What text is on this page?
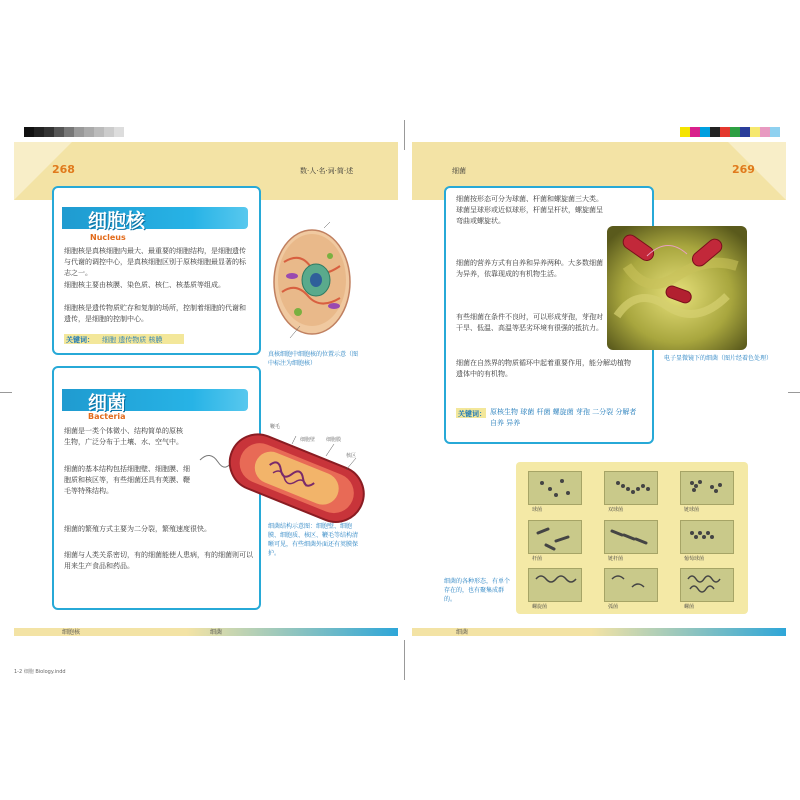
268	数·人·名·词·简·述	细菌	269
细胞核
Nucleus
细胞核是真核细胞内最大、最重要的细胞结构，是细胞遗传与代谢的调控中心，是真核细胞区别于原核细胞最显著的标志之一。
细胞核主要由核膜、染色质、核仁、核基质等组成。
细胞核是遗传物质贮存和复制的场所，控制着细胞的代谢和遗传，是细胞的控制中心。
关键词： 细胞 遗传物质 核膜
真核细胞中细胞核的位置示意（图中标注为细胞核）
细菌
Bacteria
细菌是一类个体微小、结构简单的原核生物，广泛分布于土壤、水、空气中。
细菌的基本结构包括细胞壁、细胞膜、细胞质和核区等，有些细菌还具有荚膜、鞭毛等特殊结构。
细菌的繁殖方式主要为二分裂，繁殖速度很快。
细菌与人类关系密切，有的细菌能使人患病，有的细菌则可以用来生产食品和药品。
鞭毛
细胞壁 细胞膜
核区
细菌结构示意图：细胞壁、细胞膜、细胞质、核区、鞭毛等结构清晰可见，有些细菌外面还有荚膜保护。
细胞核	细菌
1-2 细胞 Biology.indd
细菌按形态可分为球菌、杆菌和螺旋菌三大类。球菌呈球形或近似球形，杆菌呈杆状，螺旋菌呈弯曲或螺旋状。
细菌的营养方式有自养和异养两种。大多数细菌为异养，依靠现成的有机物生活。
有些细菌在条件不良时，可以形成芽孢，芽孢对干旱、低温、高温等恶劣环境有很强的抵抗力。
细菌在自然界的物质循环中起着重要作用，能分解动植物遗体中的有机物。
关键词： 原核生物 球菌 杆菌 螺旋菌 芽孢 二分裂 分解者 自养 异养
电子显微镜下的细菌（图片经着色处理）
球菌	双球菌	链球菌
杆菌	链杆菌	葡萄球菌
螺旋菌	弧菌	螺菌
细菌的各种形态，有单个存在的，也有聚集成群的。
细菌
